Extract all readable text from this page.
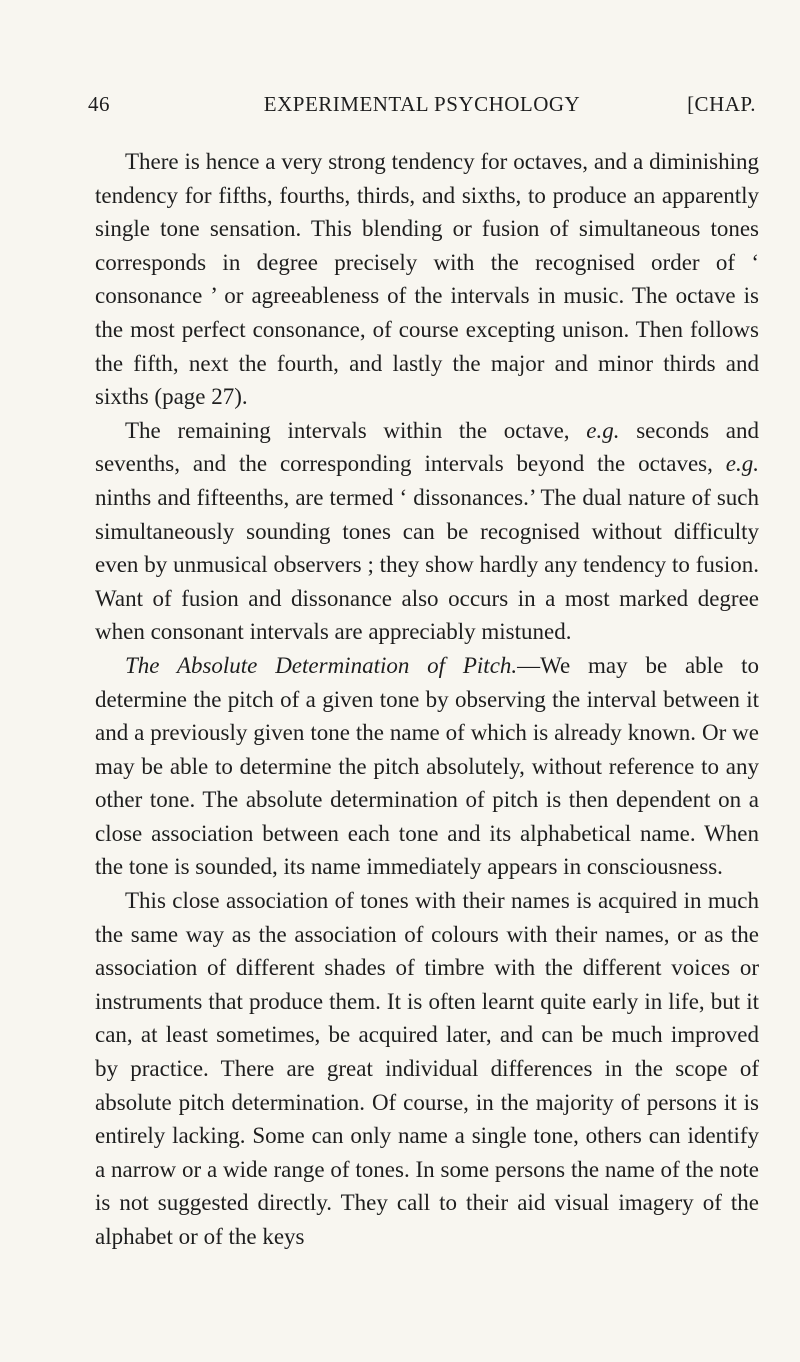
46	EXPERIMENTAL PSYCHOLOGY	[CHAP.

There is hence a very strong tendency for octaves, and a diminishing tendency for fifths, fourths, thirds, and sixths, to produce an apparently single tone sensation. This blending or fusion of simultaneous tones corresponds in degree precisely with the recognised order of ‘ consonance ’ or agreeableness of the intervals in music. The octave is the most perfect consonance, of course excepting unison. Then follows the fifth, next the fourth, and lastly the major and minor thirds and sixths (page 27).

The remaining intervals within the octave, e.g. seconds and sevenths, and the corresponding intervals beyond the octaves, e.g. ninths and fifteenths, are termed ‘ dissonances.’ The dual nature of such simultaneously sounding tones can be recognised without difficulty even by unmusical observers ; they show hardly any tendency to fusion. Want of fusion and dissonance also occurs in a most marked degree when consonant intervals are appreciably mistuned.

The Absolute Determination of Pitch.—We may be able to determine the pitch of a given tone by observing the interval between it and a previously given tone the name of which is already known. Or we may be able to determine the pitch absolutely, without reference to any other tone. The absolute determination of pitch is then dependent on a close association between each tone and its alphabetical name. When the tone is sounded, its name immediately appears in consciousness.

This close association of tones with their names is acquired in much the same way as the association of colours with their names, or as the association of different shades of timbre with the different voices or instruments that produce them. It is often learnt quite early in life, but it can, at least sometimes, be acquired later, and can be much improved by practice. There are great individual differences in the scope of absolute pitch determination. Of course, in the majority of persons it is entirely lacking. Some can only name a single tone, others can identify a narrow or a wide range of tones. In some persons the name of the note is not suggested directly. They call to their aid visual imagery of the alphabet or of the keys
